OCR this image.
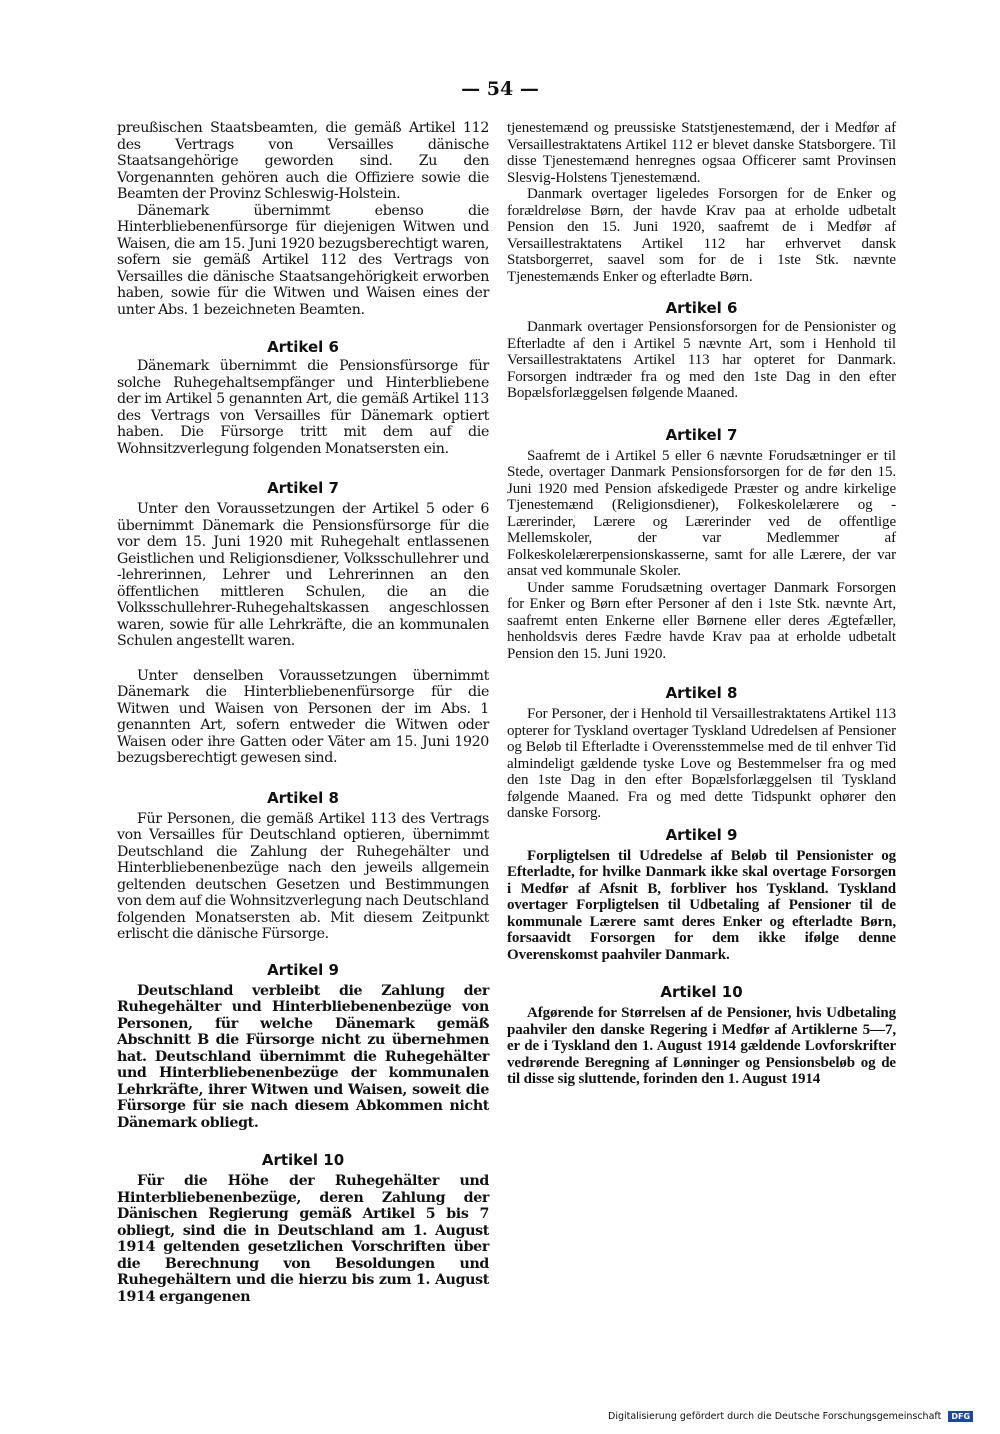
— 54 —

preußischen Staatsbeamten, die gemäß Artikel 112 des Vertrags von Versailles dänische Staatsangehörige geworden sind. Zu den Vorgenannten gehören auch die Offiziere sowie die Beamten der Provinz Schleswig-Holstein.

Dänemark übernimmt ebenso die Hinterbliebenenfürsorge für diejenigen Witwen und Waisen, die am 15. Juni 1920 bezugsberechtigt waren, sofern sie gemäß Artikel 112 des Vertrags von Versailles die dänische Staatsangehörigkeit erworben haben, sowie für die Witwen und Waisen eines der unter Abs. 1 bezeichneten Beamten.

Artikel 6

Dänemark übernimmt die Pensionsfürsorge für solche Ruhegehaltsempfänger und Hinterbliebene der im Artikel 5 genannten Art, die gemäß Artikel 113 des Vertrags von Versailles für Dänemark optiert haben. Die Fürsorge tritt mit dem auf die Wohnsitzverlegung folgenden Monatsersten ein.

Artikel 7

Unter den Voraussetzungen der Artikel 5 oder 6 übernimmt Dänemark die Pensionsfürsorge für die vor dem 15. Juni 1920 mit Ruhegehalt entlassenen Geistlichen und Religionsdiener, Volksschullehrer und -lehrerinnen, Lehrer und Lehrerinnen an den öffentlichen mittleren Schulen, die an die Volksschullehrer-Ruhegehaltskassen angeschlossen waren, sowie für alle Lehrkräfte, die an kommunalen Schulen angestellt waren.

Unter denselben Voraussetzungen übernimmt Dänemark die Hinterbliebenenfürsorge für die Witwen und Waisen von Personen der im Abs. 1 genannten Art, sofern entweder die Witwen oder Waisen oder ihre Gatten oder Väter am 15. Juni 1920 bezugsberechtigt gewesen sind.

Artikel 8

Für Personen, die gemäß Artikel 113 des Vertrags von Versailles für Deutschland optieren, übernimmt Deutschland die Zahlung der Ruhegehälter und Hinterbliebenenbezüge nach den jeweils allgemein geltenden deutschen Gesetzen und Bestimmungen von dem auf die Wohnsitzverlegung nach Deutschland folgenden Monatsersten ab. Mit diesem Zeitpunkt erlischt die dänische Fürsorge.

Artikel 9

Deutschland verbleibt die Zahlung der Ruhegehälter und Hinterbliebenenbezüge von Personen, für welche Dänemark gemäß Abschnitt B die Fürsorge nicht zu übernehmen hat. Deutschland übernimmt die Ruhegehälter und Hinterbliebenenbezüge der kommunalen Lehrkräfte, ihrer Witwen und Waisen, soweit die Fürsorge für sie nach diesem Abkommen nicht Dänemark obliegt.

Artikel 10

Für die Höhe der Ruhegehälter und Hinterbliebenenbezüge, deren Zahlung der Dänischen Regierung gemäß Artikel 5 bis 7 obliegt, sind die in Deutschland am 1. August 1914 geltenden gesetzlichen Vorschriften über die Berechnung von Besoldungen und Ruhegehältern und die hierzu bis zum 1. August 1914 ergangenen

tjenestemænd og preussiske Statstjenestemænd, der i Medfør af Versaillestraktatens Artikel 112 er blevet danske Statsborgere. Til disse Tjenestemænd henregnes ogsaa Officerer samt Provinsen Slesvig-Holstens Tjenestemænd.

Danmark overtager ligeledes Forsorgen for de Enker og forældreløse Børn, der havde Krav paa at erholde udbetalt Pension den 15. Juni 1920, saafremt de i Medfør af Versaillestraktatens Artikel 112 har erhvervet dansk Statsborgerret, saavel som for de i 1ste Stk. nævnte Tjenestemænds Enker og efterladte Børn.

Artikel 6

Danmark overtager Pensionsforsorgen for de Pensionister og Efterladte af den i Artikel 5 nævnte Art, som i Henhold til Versaillestraktatens Artikel 113 har opteret for Danmark. Forsorgen indtræder fra og med den 1ste Dag in den efter Bopælsforlæggelsen følgende Maaned.

Artikel 7

Saafremt de i Artikel 5 eller 6 nævnte Forudsætninger er til Stede, overtager Danmark Pensionsforsorgen for de før den 15. Juni 1920 med Pension afskedigede Præster og andre kirkelige Tjenestemænd (Religionsdiener), Folkeskolelærere og -Lærerinder, Lærere og Lærerinder ved de offentlige Mellemskoler, der var Medlemmer af Folkeskolelærerpensionskasserne, samt for alle Lærere, der var ansat ved kommunale Skoler.

Under samme Forudsætning overtager Danmark Forsorgen for Enker og Børn efter Personer af den i 1ste Stk. nævnte Art, saafremt enten Enkerne eller Børnene eller deres Ægtefæller, henholdsvis deres Fædre havde Krav paa at erholde udbetalt Pension den 15. Juni 1920.

Artikel 8

For Personer, der i Henhold til Versaillestraktatens Artikel 113 opterer for Tyskland overtager Tyskland Udredelsen af Pensioner og Beløb til Efterladte i Overensstemmelse med de til enhver Tid almindeligt gældende tyske Love og Bestemmelser fra og med den 1ste Dag in den efter Bopælsforlæggelsen til Tyskland følgende Maaned. Fra og med dette Tidspunkt ophører den danske Forsorg.

Artikel 9

Forpligtelsen til Udredelse af Beløb til Pensionister og Efterladte, for hvilke Danmark ikke skal overtage Forsorgen i Medfør af Afsnit B, forbliver hos Tyskland. Tyskland overtager Forpligtelsen til Udbetaling af Pensioner til de kommunale Lærere samt deres Enker og efterladte Børn, forsaavidt Forsorgen for dem ikke ifølge denne Overenskomst paahviler Danmark.

Artikel 10

Afgørende for Størrelsen af de Pensioner, hvis Udbetaling paahviler den danske Regering i Medfør af Artiklerne 5—7, er de i Tyskland den 1. August 1914 gældende Lovforskrifter vedrørende Beregning af Lønninger og Pensionsbeløb og de til disse sig sluttende, forinden den 1. August 1914

Digitalisierung gefördert durch die Deutsche Forschungsgemeinschaft DFG
